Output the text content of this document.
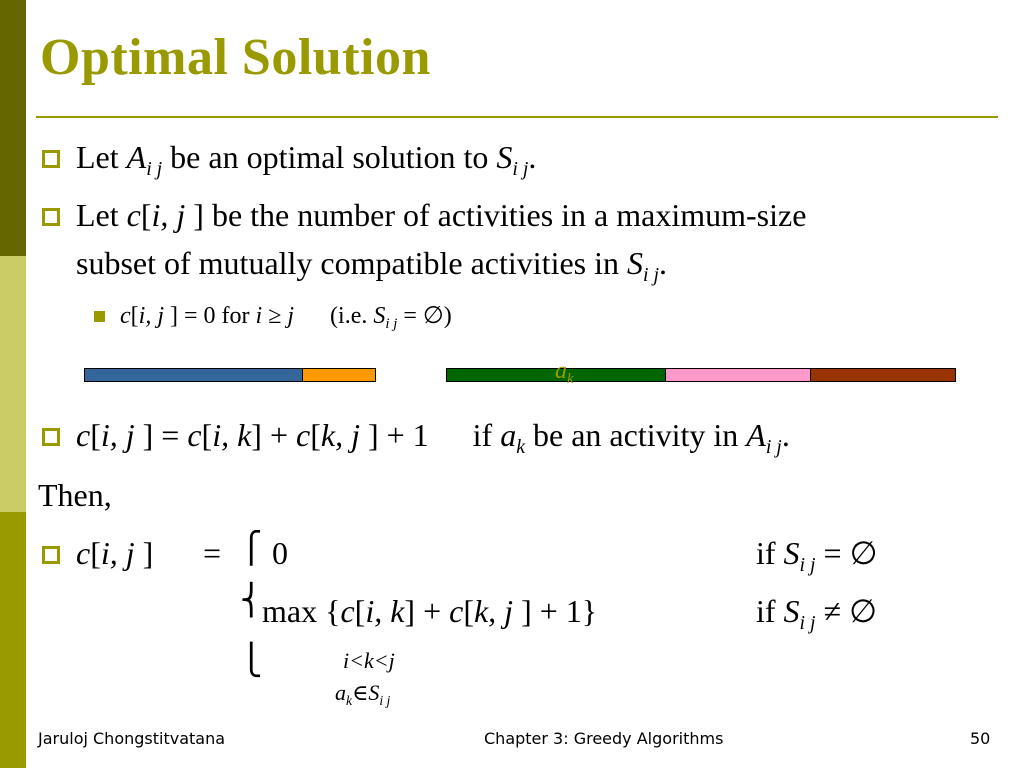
Optimal Solution
Let $A_{i j}$ be an optimal solution to $S_{i j}$.
Let c[i, j ] be the number of activities in a maximum-size
subset of mutually compatible activities in $S_{i j}$.
c[i, j ] = 0 for i ≥ j (i.e. $S_{i j}$ = ∅)
$a_k$
c[i, j ] = c[i, k] + c[k, j ] + 1 if $a_k$ be an activity in $A_{i j}$.
Then,
c[i, j ] = ⎧
⎨
⎩
0	if $S_{i j}$ = ∅
max {c[i, k] + c[k, j ] + 1}	if $S_{i j}$ ≠ ∅
i<k<j
$a_k\in S_{i j}$
Jaruloj Chongstitvatana	Chapter 3: Greedy Algorithms	50
